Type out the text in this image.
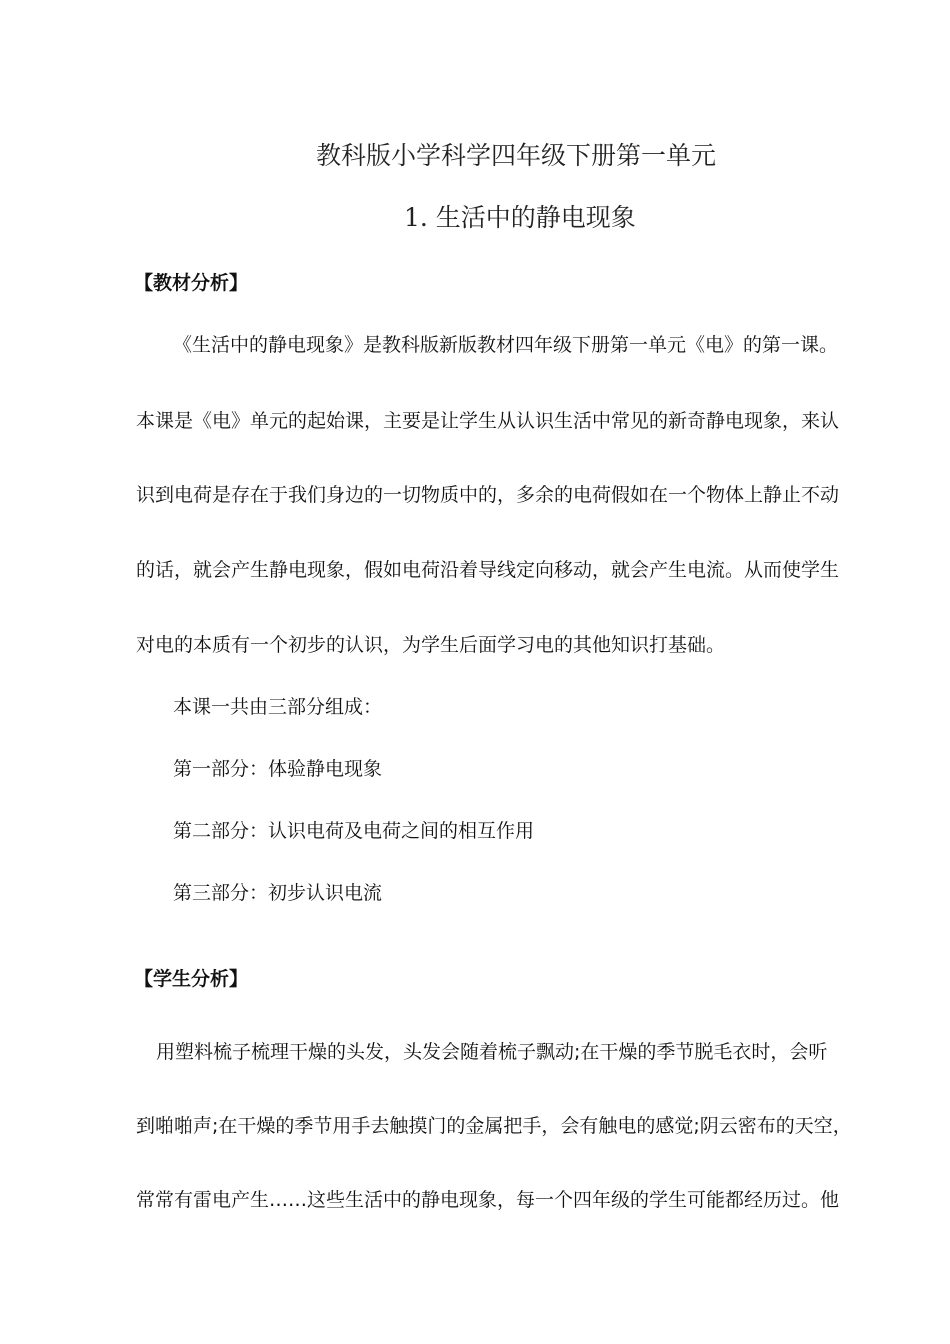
教科版小学科学四年级下册第一单元
1. 生活中的静电现象
【教材分析】
《生活中的静电现象》是教科版新版教材四年级下册第一单元《电》的第一课。
本课是《电》单元的起始课，主要是让学生从认识生活中常见的新奇静电现象，来认
识到电荷是存在于我们身边的一切物质中的，多余的电荷假如在一个物体上静止不动
的话，就会产生静电现象，假如电荷沿着导线定向移动，就会产生电流。从而使学生
对电的本质有一个初步的认识，为学生后面学习电的其他知识打基础。
本课一共由三部分组成：
第一部分：体验静电现象
第二部分：认识电荷及电荷之间的相互作用
第三部分：初步认识电流
【学生分析】
用塑料梳子梳理干燥的头发，头发会随着梳子飘动;在干燥的季节脱毛衣时，会听
到啪啪声;在干燥的季节用手去触摸门的金属把手，会有触电的感觉;阴云密布的天空，
常常有雷电产生……这些生活中的静电现象，每一个四年级的学生可能都经历过。他
